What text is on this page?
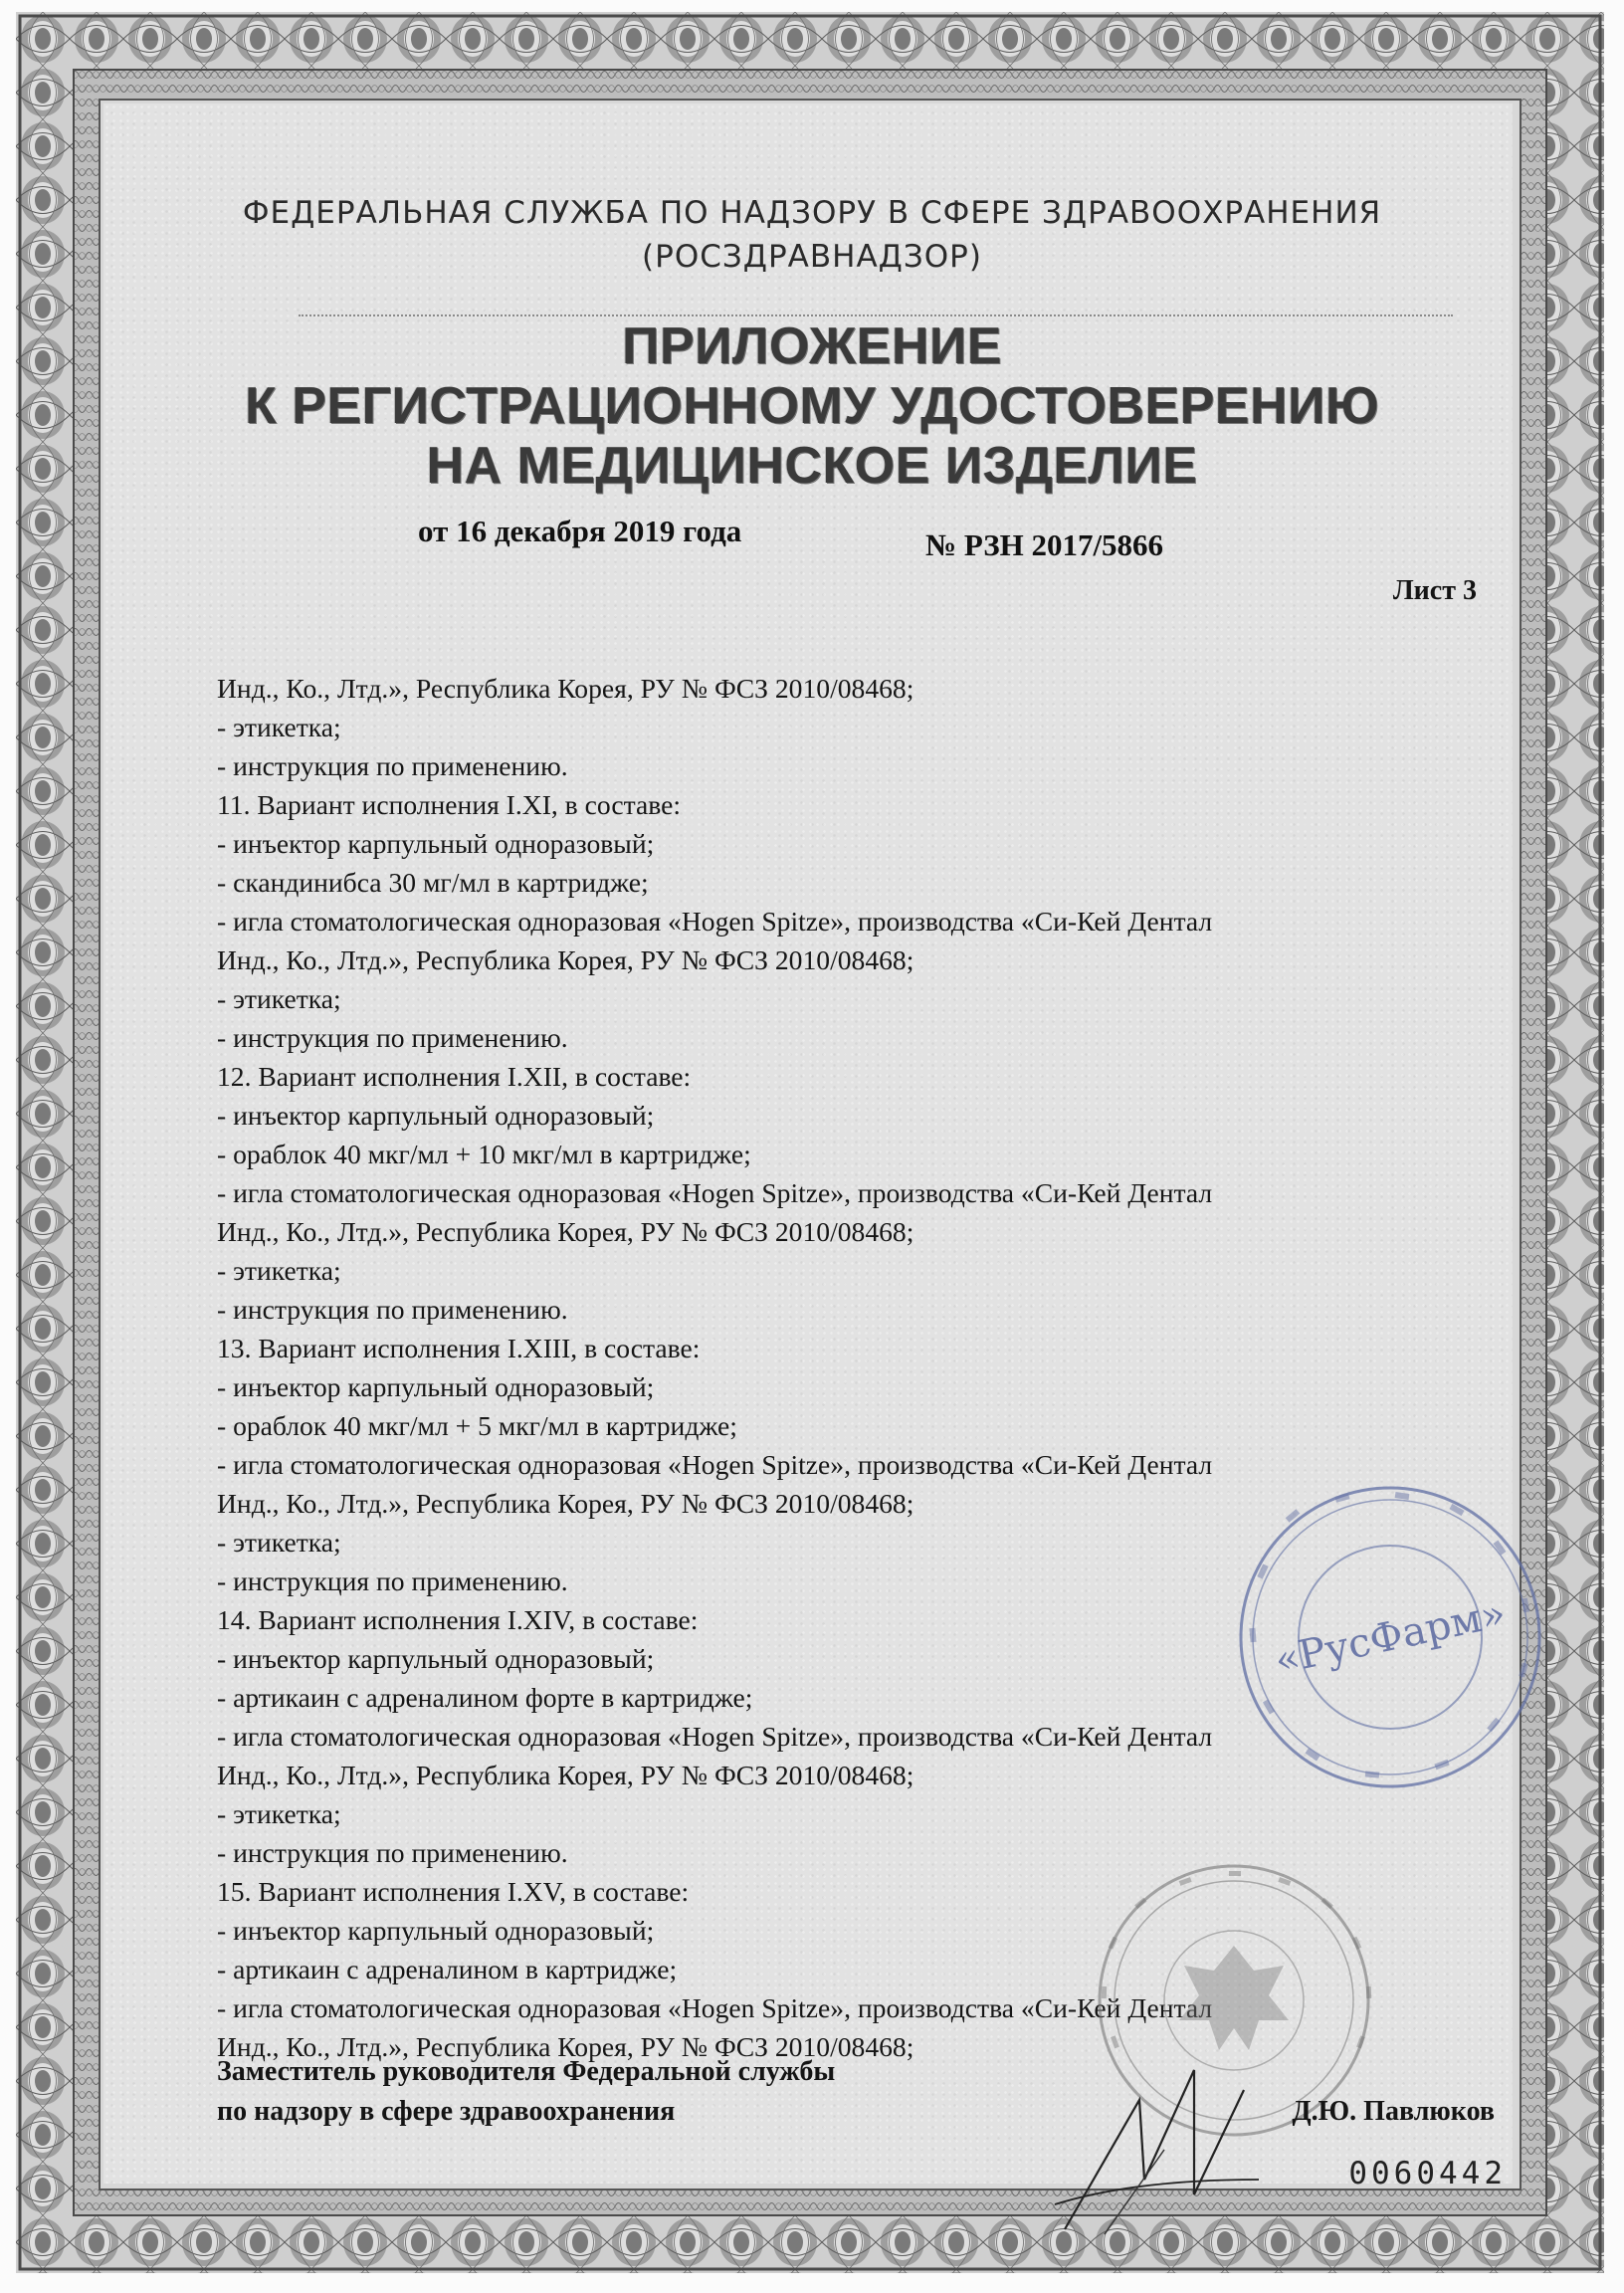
ФЕДЕРАЛЬНАЯ СЛУЖБА ПО НАДЗОРУ В СФЕРЕ ЗДРАВООХРАНЕНИЯ
(РОСЗДРАВНАДЗОР)
ПРИЛОЖЕНИЕ
К РЕГИСТРАЦИОННОМУ УДОСТОВЕРЕНИЮ
НА МЕДИЦИНСКОЕ ИЗДЕЛИЕ
от 16 декабря 2019 года	№ РЗН 2017/5866
Лист 3
Инд., Ко., Лтд.», Республика Корея, РУ № ФСЗ 2010/08468;
- этикетка;
- инструкция по применению.
11. Вариант исполнения I.XI, в составе:
- инъектор карпульный одноразовый;
- скандинибса 30 мг/мл в картридже;
- игла стоматологическая одноразовая «Hogen Spitze», производства «Си-Кей Дентал
Инд., Ко., Лтд.», Республика Корея, РУ № ФСЗ 2010/08468;
- этикетка;
- инструкция по применению.
12. Вариант исполнения I.XII, в составе:
- инъектор карпульный одноразовый;
- ораблок 40 мкг/мл + 10 мкг/мл в картридже;
- игла стоматологическая одноразовая «Hogen Spitze», производства «Си-Кей Дентал
Инд., Ко., Лтд.», Республика Корея, РУ № ФСЗ 2010/08468;
- этикетка;
- инструкция по применению.
13. Вариант исполнения I.XIII, в составе:
- инъектор карпульный одноразовый;
- ораблок 40 мкг/мл + 5 мкг/мл в картридже;
- игла стоматологическая одноразовая «Hogen Spitze», производства «Си-Кей Дентал
Инд., Ко., Лтд.», Республика Корея, РУ № ФСЗ 2010/08468;
- этикетка;
- инструкция по применению.
14. Вариант исполнения I.XIV, в составе:
- инъектор карпульный одноразовый;
- артикаин с адреналином форте в картридже;
- игла стоматологическая одноразовая «Hogen Spitze», производства «Си-Кей Дентал
Инд., Ко., Лтд.», Республика Корея, РУ № ФСЗ 2010/08468;
- этикетка;
- инструкция по применению.
15. Вариант исполнения I.XV, в составе:
- инъектор карпульный одноразовый;
- артикаин с адреналином в картридже;
- игла стоматологическая одноразовая «Hogen Spitze», производства «Си-Кей Дентал
Инд., Ко., Лтд.», Республика Корея, РУ № ФСЗ 2010/08468;
«РусФарм»
Заместитель руководителя Федеральной службы
по надзору в сфере здравоохранения	Д.Ю. Павлюков
0060442
